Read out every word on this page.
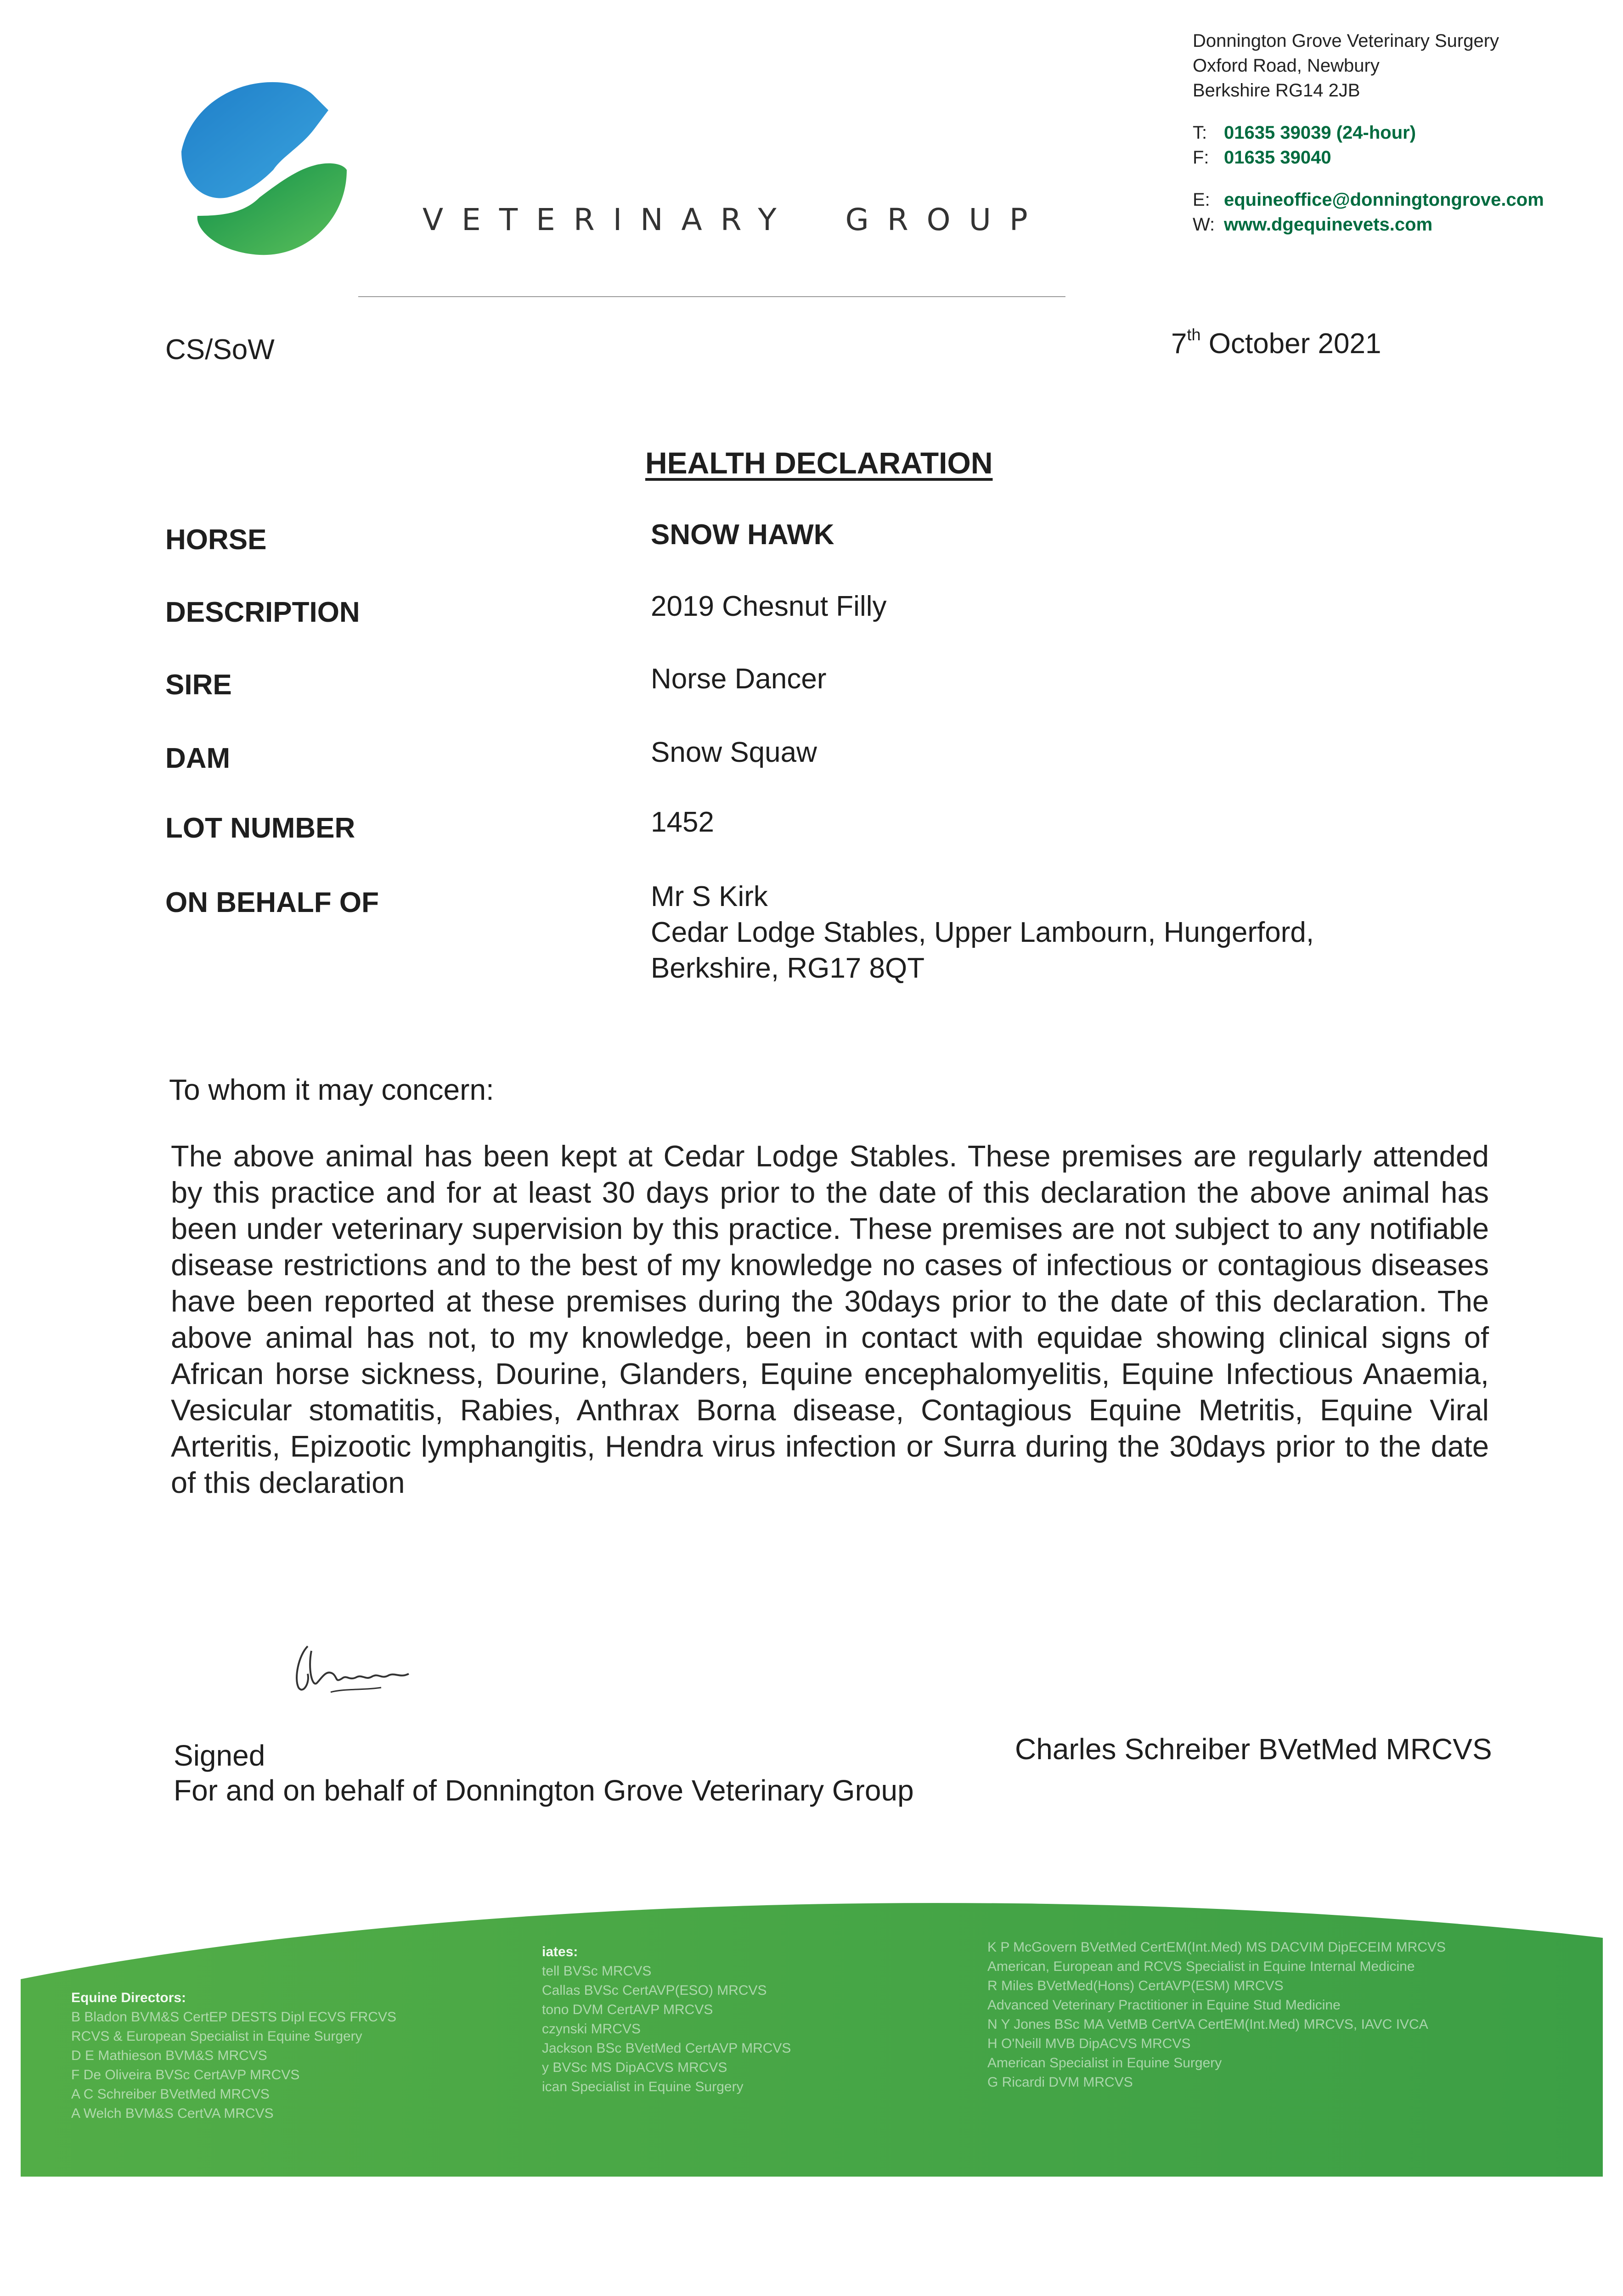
VETERINARY GROUP
Donnington Grove Veterinary Surgery
Oxford Road, Newbury
Berkshire RG14 2JB
T: 01635 39039 (24-hour)
F: 01635 39040
E: equineoffice@donningtongrove.com
W: www.dgequinevets.com
CS/SoW	7th October 2021
HEALTH DECLARATION
HORSE	SNOW HAWK
DESCRIPTION	2019 Chesnut Filly
SIRE	Norse Dancer
DAM	Snow Squaw
LOT NUMBER	1452
ON BEHALF OF	Mr S Kirk
Cedar Lodge Stables, Upper Lambourn, Hungerford,
Berkshire, RG17 8QT
To whom it may concern:
The above animal has been kept at Cedar Lodge Stables. These premises are regularly attended by this practice and for at least 30 days prior to the date of this declaration the above animal has been under veterinary supervision by this practice. These premises are not subject to any notifiable disease restrictions and to the best of my knowledge no cases of infectious or contagious diseases have been reported at these premises during the 30days prior to the date of this declaration. The above animal has not, to my knowledge, been in contact with equidae showing clinical signs of African horse sickness, Dourine, Glanders, Equine encephalomyelitis, Equine Infectious Anaemia, Vesicular stomatitis, Rabies, Anthrax Borna disease, Contagious Equine Metritis, Equine Viral Arteritis, Epizootic lymphangitis, Hendra virus infection or Surra during the 30days prior to the date of this declaration
Signed
For and on behalf of Donnington Grove Veterinary Group
Charles Schreiber BVetMed MRCVS
Equine Directors:
B Bladon BVM&S CertEP DESTS Dipl ECVS FRCVS
RCVS & European Specialist in Equine Surgery
D E Mathieson BVM&S MRCVS
F De Oliveira BVSc CertAVP MRCVS
A C Schreiber BVetMed MRCVS
A Welch BVM&S CertVA MRCVS
iates:
tell BVSc MRCVS
Callas BVSc CertAVP(ESO) MRCVS
tono DVM CertAVP MRCVS
czynski MRCVS
Jackson BSc BVetMed CertAVP MRCVS
y BVSc MS DipACVS MRCVS
ican Specialist in Equine Surgery
K P McGovern BVetMed CertEM(Int.Med) MS DACVIM DipECEIM MRCVS
American, European and RCVS Specialist in Equine Internal Medicine
R Miles BVetMed(Hons) CertAVP(ESM) MRCVS
Advanced Veterinary Practitioner in Equine Stud Medicine
N Y Jones BSc MA VetMB CertVA CertEM(Int.Med) MRCVS, IAVC IVCA
H O'Neill MVB DipACVS MRCVS
American Specialist in Equine Surgery
G Ricardi DVM MRCVS
